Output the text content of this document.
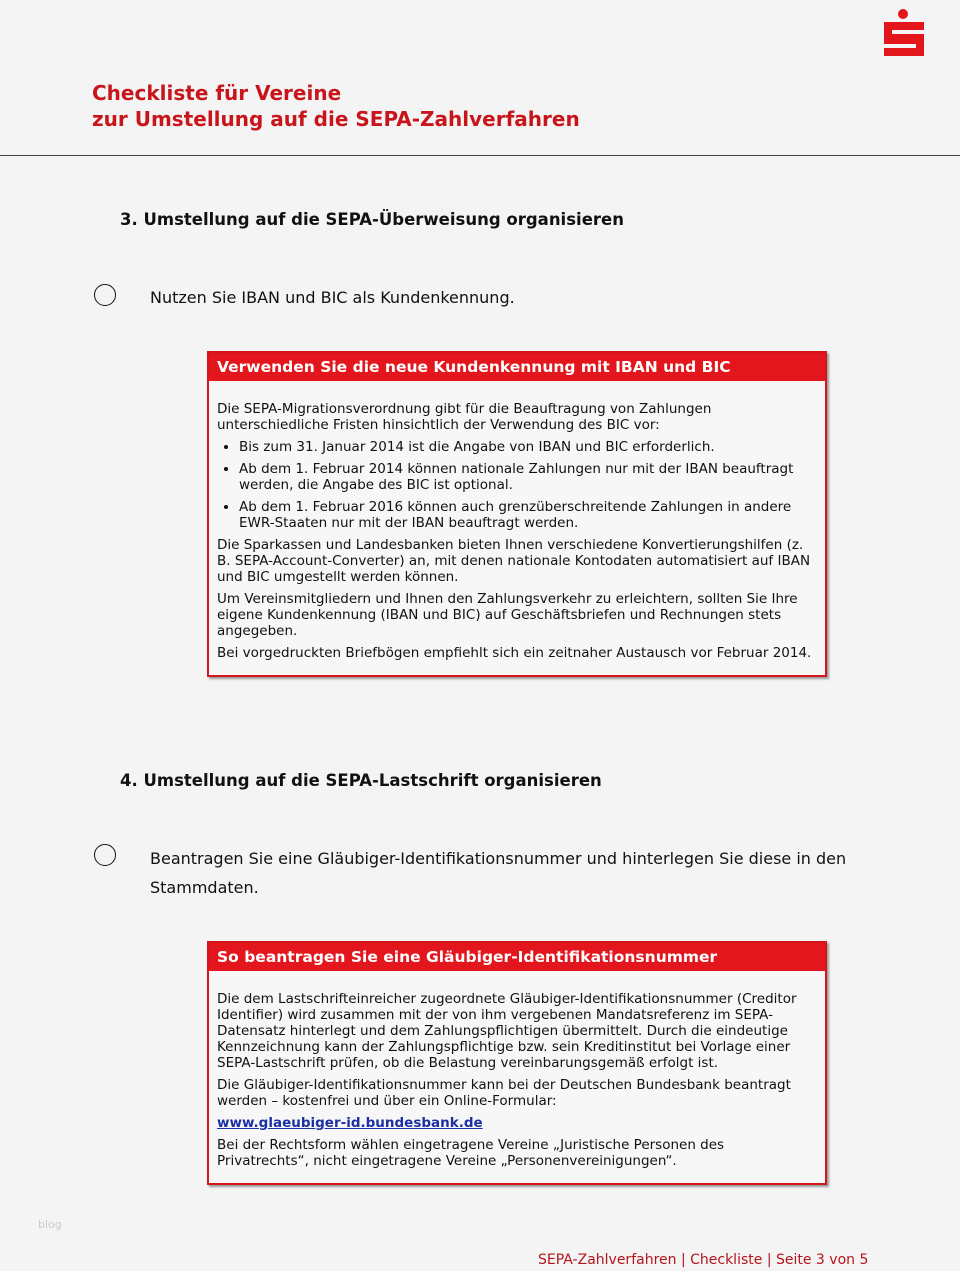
Checkliste für Vereine
zur Umstellung auf die SEPA-Zahlverfahren
3. Umstellung auf die SEPA-Überweisung organisieren
Nutzen Sie IBAN und BIC als Kundenkennung.
Verwenden Sie die neue Kundenkennung mit IBAN und BIC

Die SEPA-Migrationsverordnung gibt für die Beauftragung von Zahlungen unterschiedliche Fristen hinsichtlich der Verwendung des BIC vor:

• Bis zum 31. Januar 2014 ist die Angabe von IBAN und BIC erforderlich.
• Ab dem 1. Februar 2014 können nationale Zahlungen nur mit der IBAN beauftragt werden, die Angabe des BIC ist optional.
• Ab dem 1. Februar 2016 können auch grenzüberschreitende Zahlungen in andere EWR-Staaten nur mit der IBAN beauftragt werden.

Die Sparkassen und Landesbanken bieten Ihnen verschiedene Konvertierungshilfen (z. B. SEPA-Account-Converter) an, mit denen nationale Kontodaten automatisiert auf IBAN und BIC umgestellt werden können.

Um Vereinsmitgliedern und Ihnen den Zahlungsverkehr zu erleichtern, sollten Sie Ihre eigene Kundenkennung (IBAN und BIC) auf Geschäftsbriefen und Rechnungen stets angegeben.

Bei vorgedruckten Briefbögen empfiehlt sich ein zeitnaher Austausch vor Februar 2014.

4. Umstellung auf die SEPA-Lastschrift organisieren
Beantragen Sie eine Gläubiger-Identifikationsnummer und hinterlegen Sie diese in den Stammdaten.
So beantragen Sie eine Gläubiger-Identifikationsnummer

Die dem Lastschrifteinreicher zugeordnete Gläubiger-Identifikationsnummer (Creditor Identifier) wird zusammen mit der von ihm vergebenen Mandatsreferenz im SEPA-Datensatz hinterlegt und dem Zahlungspflichtigen übermittelt. Durch die eindeutige Kennzeichnung kann der Zahlungspflichtige bzw. sein Kreditinstitut bei Vorlage einer SEPA-Lastschrift prüfen, ob die Belastung vereinbarungsgemäß erfolgt ist.

Die Gläubiger-Identifikationsnummer kann bei der Deutschen Bundesbank beantragt werden – kostenfrei und über ein Online-Formular:

www.glaeubiger-id.bundesbank.de

Bei der Rechtsform wählen eingetragene Vereine „Juristische Personen des Privatrechts“, nicht eingetragene Vereine „Personenvereinigungen“.

blog
SEPA-Zahlverfahren | Checkliste | Seite 3 von 5
